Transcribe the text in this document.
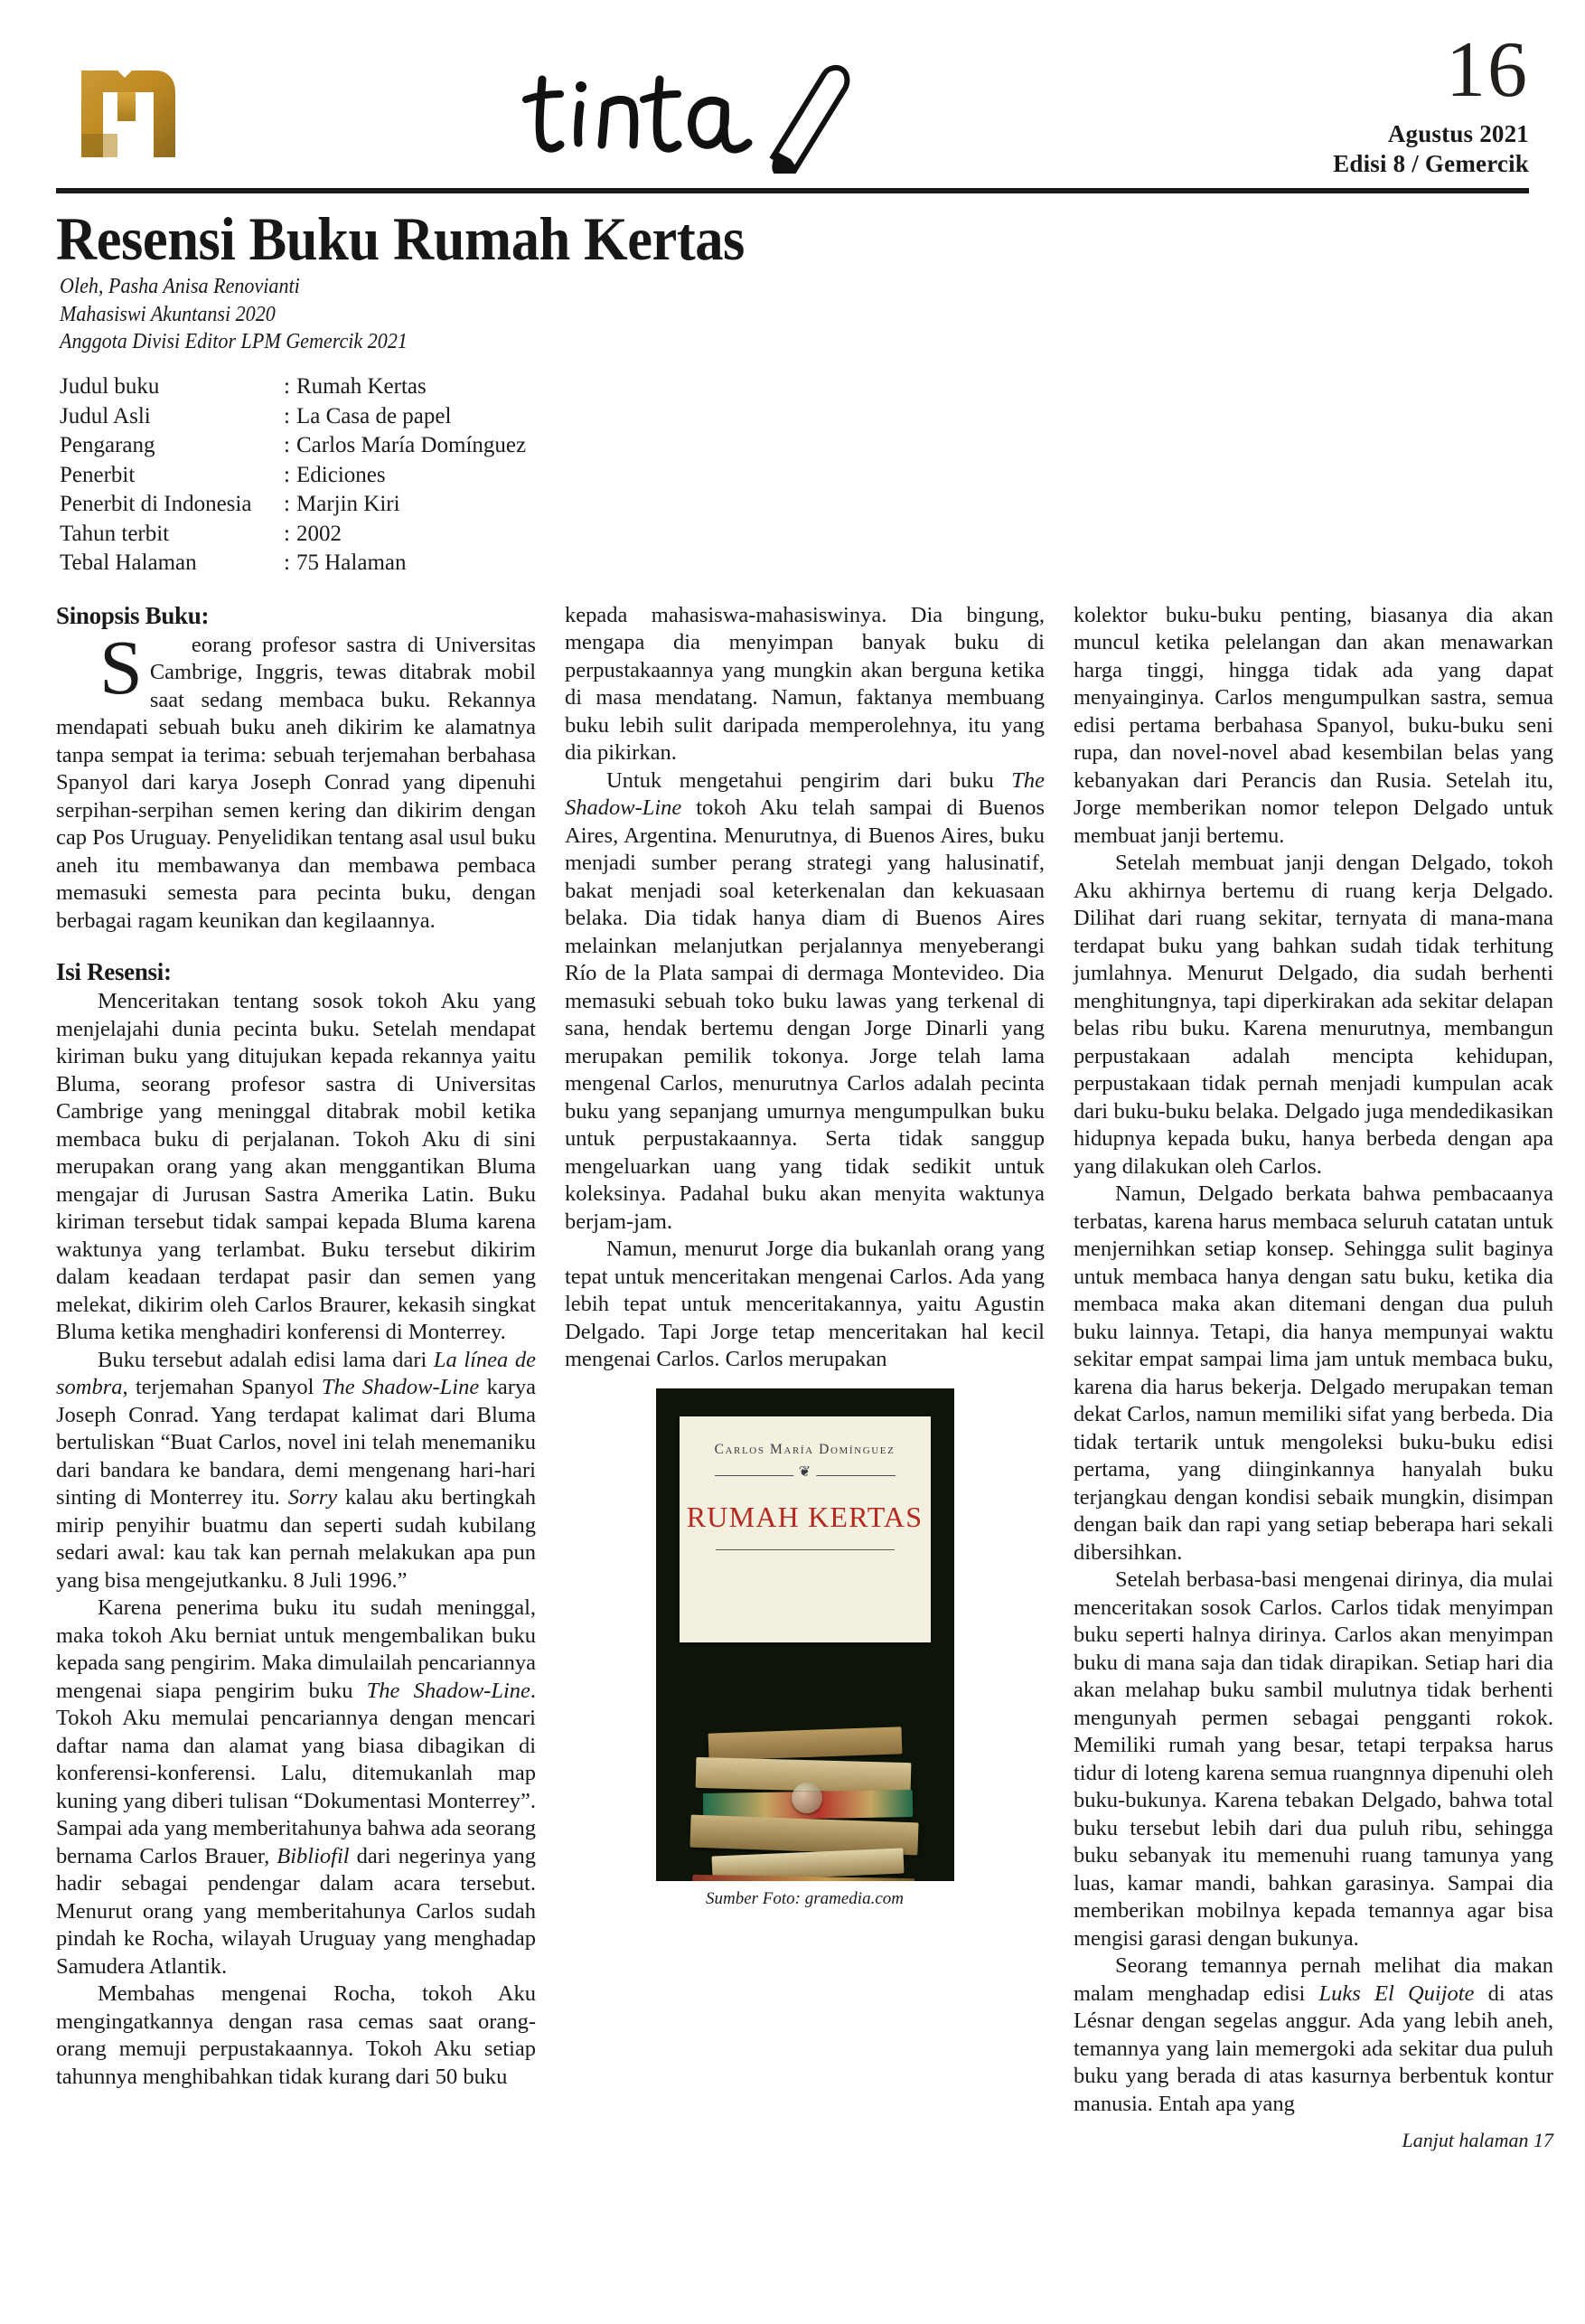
16
Agustus 2021
Edisi 8 / Gemercik
Resensi Buku Rumah Kertas
Oleh, Pasha Anisa Renovianti
Mahasiswi Akuntansi 2020
Anggota Divisi Editor LPM Gemercik 2021
Judul buku	: Rumah Kertas
Judul Asli	: La Casa de papel
Pengarang	: Carlos María Domínguez
Penerbit	: Ediciones
Penerbit di Indonesia	: Marjin Kiri
Tahun terbit	: 2002
Tebal Halaman	: 75 Halaman
Sinopsis Buku:

S	eorang profesor sastra di Universitas Cambrige, Inggris, tewas ditabrak mobil saat sedang membaca buku. Rekannya mendapati sebuah buku aneh dikirim ke alamatnya tanpa sempat ia terima: sebuah terjemahan berbahasa Spanyol dari karya Joseph Conrad yang dipenuhi serpihan-serpihan semen kering dan dikirim dengan cap Pos Uruguay. Penyelidikan tentang asal usul buku aneh itu membawanya dan membawa pembaca memasuki semesta para pecinta buku, dengan berbagai ragam keunikan dan kegilaannya.

Isi Resensi:

Menceritakan tentang sosok tokoh Aku yang menjelajahi dunia pecinta buku. Setelah mendapat kiriman buku yang ditujukan kepada rekannya yaitu Bluma, seorang profesor sastra di Universitas Cambrige yang meninggal ditabrak mobil ketika membaca buku di perjalanan. Tokoh Aku di sini merupakan orang yang akan menggantikan Bluma mengajar di Jurusan Sastra Amerika Latin. Buku kiriman tersebut tidak sampai kepada Bluma karena waktunya yang terlambat. Buku tersebut dikirim dalam keadaan terdapat pasir dan semen yang melekat, dikirim oleh Carlos Braurer, kekasih singkat Bluma ketika menghadiri konferensi di Monterrey.

Buku tersebut adalah edisi lama dari La línea de sombra, terjemahan Spanyol The Shadow-Line karya Joseph Conrad. Yang terdapat kalimat dari Bluma bertuliskan “Buat Carlos, novel ini telah menemaniku dari bandara ke bandara, demi mengenang hari-hari sinting di Monterrey itu. Sorry kalau aku bertingkah mirip penyihir buatmu dan seperti sudah kubilang sedari awal: kau tak kan pernah melakukan apa pun yang bisa mengejutkanku. 8 Juli 1996.”

Karena penerima buku itu sudah meninggal, maka tokoh Aku berniat untuk mengembalikan buku kepada sang pengirim. Maka dimulailah pencariannya mengenai siapa pengirim buku The Shadow-Line. Tokoh Aku memulai pencariannya dengan mencari daftar nama dan alamat yang biasa dibagikan di konferensi-konferensi. Lalu, ditemukanlah map kuning yang diberi tulisan “Dokumentasi Monterrey”. Sampai ada yang memberitahunya bahwa ada seorang bernama Carlos Brauer, Bibliofil dari negerinya yang hadir sebagai pendengar dalam acara tersebut. Menurut orang yang memberitahunya Carlos sudah pindah ke Rocha, wilayah Uruguay yang menghadap Samudera Atlantik.

Membahas mengenai Rocha, tokoh Aku mengingatkannya dengan rasa cemas saat orang-orang memuji perpustakaannya. Tokoh Aku setiap tahunnya menghibahkan tidak kurang dari 50 buku

kepada mahasiswa-mahasiswinya. Dia bingung, mengapa dia menyimpan banyak buku di perpustakaannya yang mungkin akan berguna ketika di masa mendatang. Namun, faktanya membuang buku lebih sulit daripada memperolehnya, itu yang dia pikirkan.

Untuk mengetahui pengirim dari buku The Shadow-Line tokoh Aku telah sampai di Buenos Aires, Argentina. Menurutnya, di Buenos Aires, buku menjadi sumber perang strategi yang halusinatif, bakat menjadi soal keterkenalan dan kekuasaan belaka. Dia tidak hanya diam di Buenos Aires melainkan melanjutkan perjalannya menyeberangi Río de la Plata sampai di dermaga Montevideo. Dia memasuki sebuah toko buku lawas yang terkenal di sana, hendak bertemu dengan Jorge Dinarli yang merupakan pemilik tokonya. Jorge telah lama mengenal Carlos, menurutnya Carlos adalah pecinta buku yang sepanjang umurnya mengumpulkan buku untuk perpustakaannya. Serta tidak sanggup mengeluarkan uang yang tidak sedikit untuk koleksinya. Padahal buku akan menyita waktunya berjam-jam.

Namun, menurut Jorge dia bukanlah orang yang tepat untuk menceritakan mengenai Carlos. Ada yang lebih tepat untuk menceritakannya, yaitu Agustin Delgado. Tapi Jorge tetap menceritakan hal kecil mengenai Carlos. Carlos merupakan

Carlos María Domínguez
❦
RUMAH KERTAS
Sumber Foto: gramedia.com

kolektor buku-buku penting, biasanya dia akan muncul ketika pelelangan dan akan menawarkan harga tinggi, hingga tidak ada yang dapat menyainginya. Carlos mengumpulkan sastra, semua edisi pertama berbahasa Spanyol, buku-buku seni rupa, dan novel-novel abad kesembilan belas yang kebanyakan dari Perancis dan Rusia. Setelah itu, Jorge memberikan nomor telepon Delgado untuk membuat janji bertemu.

Setelah membuat janji dengan Delgado, tokoh Aku akhirnya bertemu di ruang kerja Delgado. Dilihat dari ruang sekitar, ternyata di mana-mana terdapat buku yang bahkan sudah tidak terhitung jumlahnya. Menurut Delgado, dia sudah berhenti menghitungnya, tapi diperkirakan ada sekitar delapan belas ribu buku. Karena menurutnya, membangun perpustakaan adalah mencipta kehidupan, perpustakaan tidak pernah menjadi kumpulan acak dari buku-buku belaka. Delgado juga mendedikasikan hidupnya kepada buku, hanya berbeda dengan apa yang dilakukan oleh Carlos.

Namun, Delgado berkata bahwa pembacaanya terbatas, karena harus membaca seluruh catatan untuk menjernihkan setiap konsep. Sehingga sulit baginya untuk membaca hanya dengan satu buku, ketika dia membaca maka akan ditemani dengan dua puluh buku lainnya. Tetapi, dia hanya mempunyai waktu sekitar empat sampai lima jam untuk membaca buku, karena dia harus bekerja. Delgado merupakan teman dekat Carlos, namun memiliki sifat yang berbeda. Dia tidak tertarik untuk mengoleksi buku-buku edisi pertama, yang diinginkannya hanyalah buku terjangkau dengan kondisi sebaik mungkin, disimpan dengan baik dan rapi yang setiap beberapa hari sekali dibersihkan.

Setelah berbasa-basi mengenai dirinya, dia mulai menceritakan sosok Carlos. Carlos tidak menyimpan buku seperti halnya dirinya. Carlos akan menyimpan buku di mana saja dan tidak dirapikan. Setiap hari dia akan melahap buku sambil mulutnya tidak berhenti mengunyah permen sebagai pengganti rokok. Memiliki rumah yang besar, tetapi terpaksa harus tidur di loteng karena semua ruangnnya dipenuhi oleh buku-bukunya. Karena tebakan Delgado, bahwa total buku tersebut lebih dari dua puluh ribu, sehingga buku sebanyak itu memenuhi ruang tamunya yang luas, kamar mandi, bahkan garasinya. Sampai dia memberikan mobilnya kepada temannya agar bisa mengisi garasi dengan bukunya.

Seorang temannya pernah melihat dia makan malam menghadap edisi Luks El Quijote di atas Lésnar dengan segelas anggur. Ada yang lebih aneh, temannya yang lain memergoki ada sekitar dua puluh buku yang berada di atas kasurnya berbentuk kontur manusia. Entah apa yang

Lanjut halaman 17
